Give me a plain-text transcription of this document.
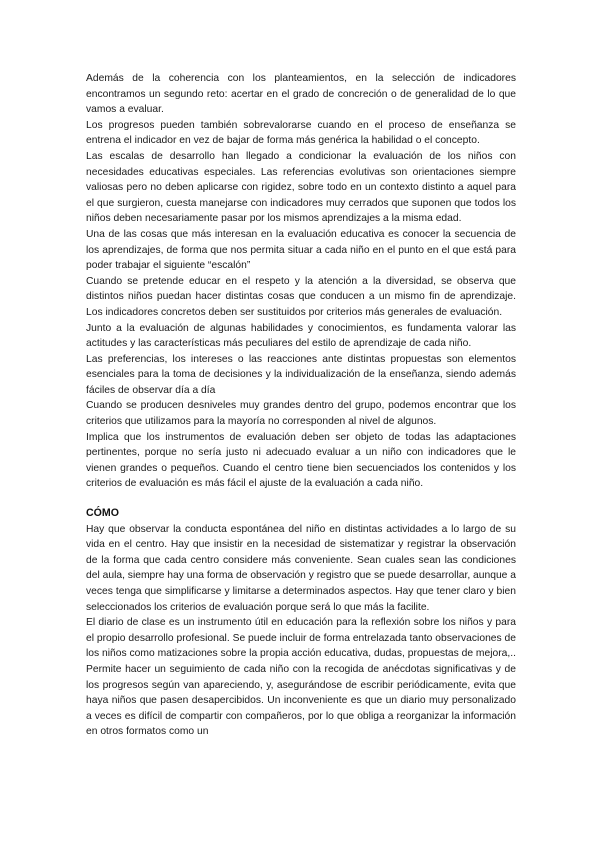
Además de la coherencia con los planteamientos, en la selección de indicadores encontramos un segundo reto: acertar en el grado de concreción o de generalidad de lo que vamos a evaluar.

Los progresos pueden también sobrevalorarse cuando en el proceso de enseñanza se entrena el indicador en vez de bajar de forma más genérica la habilidad o el concepto.

Las escalas de desarrollo han llegado a condicionar la evaluación de los niños con necesidades educativas especiales. Las referencias evolutivas son orientaciones siempre valiosas pero no deben aplicarse con rigidez, sobre todo en un contexto distinto a aquel para el que surgieron, cuesta manejarse con indicadores muy cerrados que suponen que todos los niños deben necesariamente pasar por los mismos aprendizajes a la misma edad.

Una de las cosas que más interesan en la evaluación educativa es conocer la secuencia de los aprendizajes, de forma que nos permita situar a cada niño en el punto en el que está para poder trabajar el siguiente “escalón”

Cuando se pretende educar en el respeto y la atención a la diversidad, se observa que distintos niños puedan hacer distintas cosas que conducen a un mismo fin de aprendizaje. Los indicadores concretos deben ser sustituidos por criterios más generales de evaluación.

Junto a la evaluación de algunas habilidades y conocimientos, es fundamenta valorar las actitudes y las características más peculiares del estilo de aprendizaje de cada niño.

Las preferencias, los intereses o las reacciones ante distintas propuestas son elementos esenciales para la toma de decisiones y la individualización de la enseñanza, siendo además fáciles de observar día a día

Cuando se producen desniveles muy grandes dentro del grupo, podemos encontrar que los criterios que utilizamos para la mayoría no corresponden al nivel de algunos.

Implica que los instrumentos de evaluación deben ser objeto de todas las adaptaciones pertinentes, porque no sería justo ni adecuado evaluar a un niño con indicadores que le vienen grandes o pequeños. Cuando el centro tiene bien secuenciados los contenidos y los criterios de evaluación es más fácil el ajuste de la evaluación a cada niño.

CÓMO

Hay que observar la conducta espontánea del niño en distintas actividades a lo largo de su vida en el centro. Hay que insistir en la necesidad de sistematizar y registrar la observación de la forma que cada centro considere más conveniente. Sean cuales sean las condiciones del aula, siempre hay una forma de observación y registro que se puede desarrollar, aunque a veces tenga que simplificarse y limitarse a determinados aspectos. Hay que tener claro y bien seleccionados los criterios de evaluación porque será lo que más la facilite.

El diario de clase es un instrumento útil en educación para la reflexión sobre los niños y para el propio desarrollo profesional. Se puede incluir de forma entrelazada tanto observaciones de los niños como matizaciones sobre la propia acción educativa, dudas, propuestas de mejora,.. Permite hacer un seguimiento de cada niño con la recogida de anécdotas significativas y de los progresos según van apareciendo, y, asegurándose de escribir periódicamente, evita que haya niños que pasen desapercibidos. Un inconveniente es que un diario muy personalizado a veces es difícil de compartir con compañeros, por lo que obliga a reorganizar la información en otros formatos como un
